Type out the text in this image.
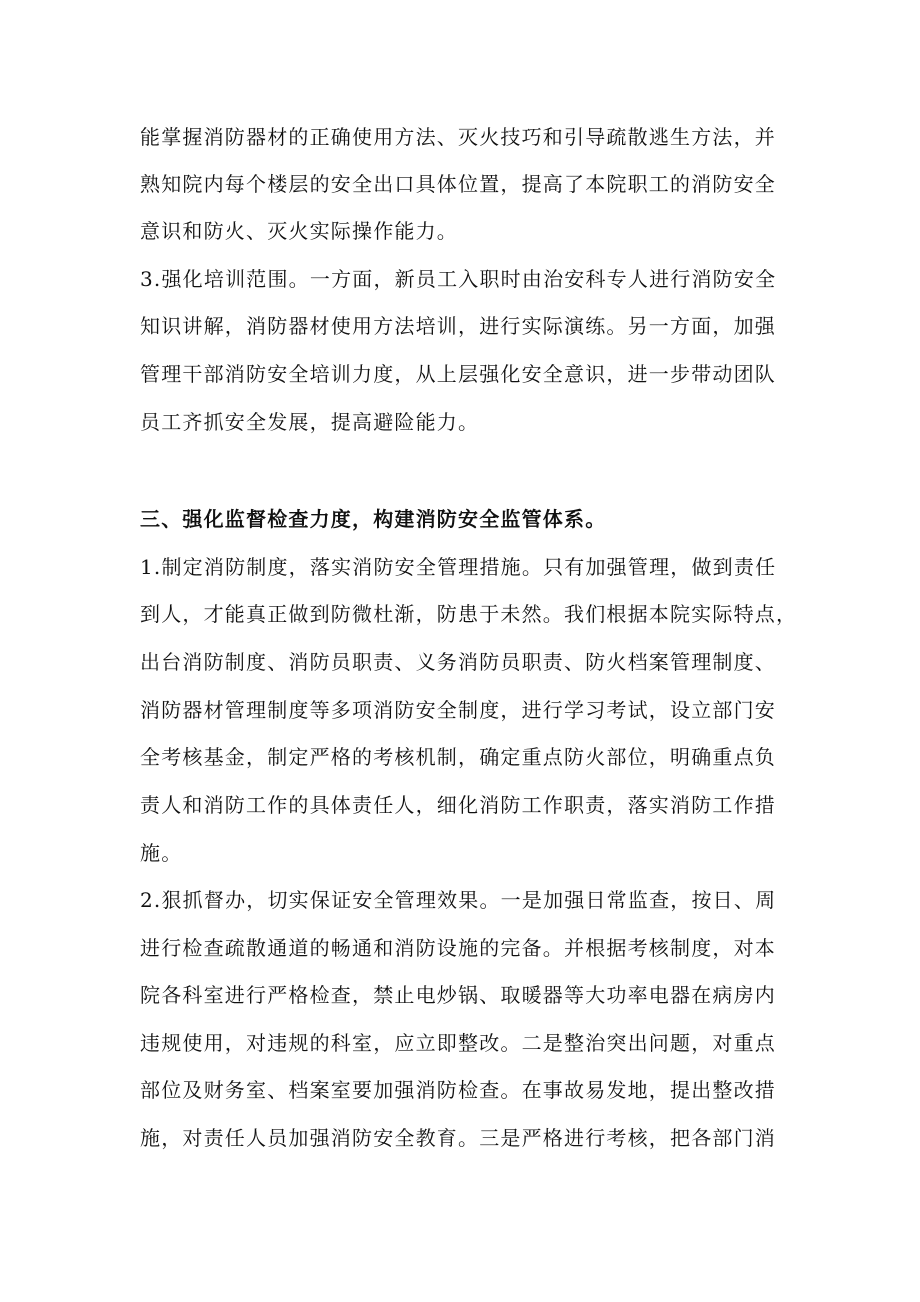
能掌握消防器材的正确使用方法、灭火技巧和引导疏散逃生方法，并
熟知院内每个楼层的安全出口具体位置，提高了本院职工的消防安全
意识和防火、灭火实际操作能力。
3.强化培训范围。一方面，新员工入职时由治安科专人进行消防安全
知识讲解，消防器材使用方法培训，进行实际演练。另一方面，加强
管理干部消防安全培训力度，从上层强化安全意识，进一步带动团队
员工齐抓安全发展，提高避险能力。
三、强化监督检查力度，构建消防安全监管体系。
1.制定消防制度，落实消防安全管理措施。只有加强管理，做到责任
到人，才能真正做到防微杜渐，防患于未然。我们根据本院实际特点，
出台消防制度、消防员职责、义务消防员职责、防火档案管理制度、
消防器材管理制度等多项消防安全制度，进行学习考试，设立部门安
全考核基金，制定严格的考核机制，确定重点防火部位，明确重点负
责人和消防工作的具体责任人，细化消防工作职责，落实消防工作措
施。
2.狠抓督办，切实保证安全管理效果。一是加强日常监查，按日、周
进行检查疏散通道的畅通和消防设施的完备。并根据考核制度，对本
院各科室进行严格检查，禁止电炒锅、取暖器等大功率电器在病房内
违规使用，对违规的科室，应立即整改。二是整治突出问题，对重点
部位及财务室、档案室要加强消防检查。在事故易发地，提出整改措
施，对责任人员加强消防安全教育。三是严格进行考核，把各部门消
